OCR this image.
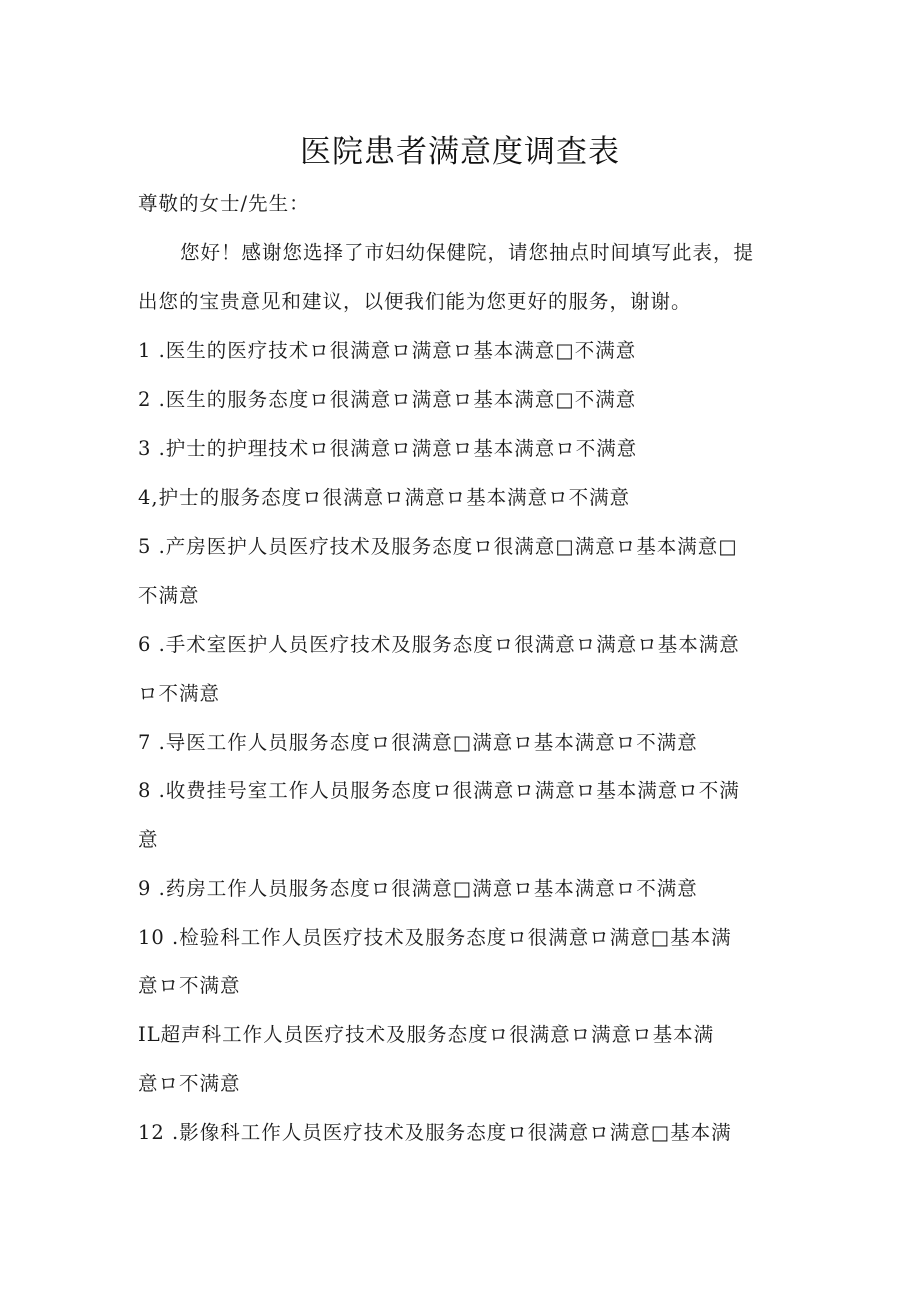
医院患者满意度调查表
尊敬的女士/先生：
您好！感谢您选择了市妇幼保健院，请您抽点时间填写此表，提
出您的宝贵意见和建议，以便我们能为您更好的服务，谢谢。
1 .医生的医疗技术ロ很满意ロ满意ロ基本满意□不满意
2 .医生的服务态度ロ很满意ロ满意ロ基本满意□不满意
3 .护士的护理技术ロ很满意ロ满意ロ基本满意ロ不满意
4,护士的服务态度ロ很满意ロ满意ロ基本满意ロ不满意
5 .产房医护人员医疗技术及服务态度ロ很满意□满意ロ基本满意□
不满意
6 .手术室医护人员医疗技术及服务态度ロ很满意ロ满意ロ基本满意
ロ不满意
7 .导医工作人员服务态度ロ很满意□满意ロ基本满意ロ不满意
8 .收费挂号室工作人员服务态度ロ很满意ロ满意ロ基本满意ロ不满
意
9 .药房工作人员服务态度ロ很满意□满意ロ基本满意ロ不满意
10 .检验科工作人员医疗技术及服务态度ロ很满意ロ满意□基本满
意ロ不满意
IL超声科工作人员医疗技术及服务态度ロ很满意ロ满意ロ基本满
意ロ不满意
12 .影像科工作人员医疗技术及服务态度ロ很满意ロ满意□基本满
